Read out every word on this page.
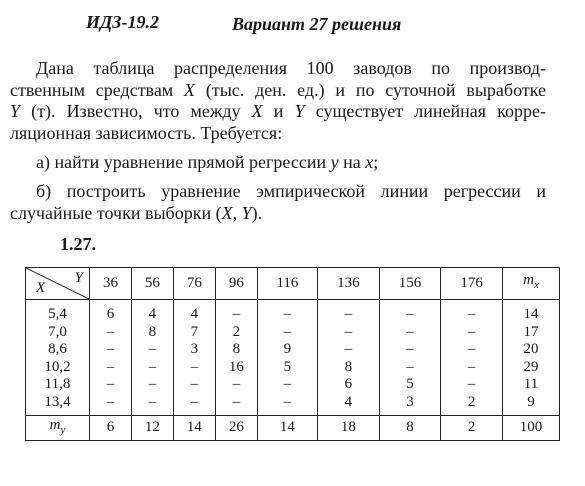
ИДЗ-19.2	Вариант 27 решения
Дана таблица распределения 100 заводов по производ-
ственным средствам X (тыс. ден. ед.) и по суточной выработке
Y (т). Известно, что между X и Y существует линейная корре-
ляционная зависимость. Требуется:
а) найти уравнение прямой регрессии y на x;
б) построить уравнение эмпирической линии регрессии и
случайные точки выборки (X, Y).
1.27.
Y
X	36	56	76	96	116	136	156	176	$m_x$
5,4	6	4	4	–	–	–	–	–	14
7,0	–	8	7	2	–	–	–	–	17
8,6	–	–	3	8	9	–	–	–	20
10,2	–	–	–	16	5	8	–	–	29
11,8	–	–	–	–	–	6	5	–	11
13,4	–	–	–	–	–	4	3	2	9
$m_y$	6	12	14	26	14	18	8	2	100
